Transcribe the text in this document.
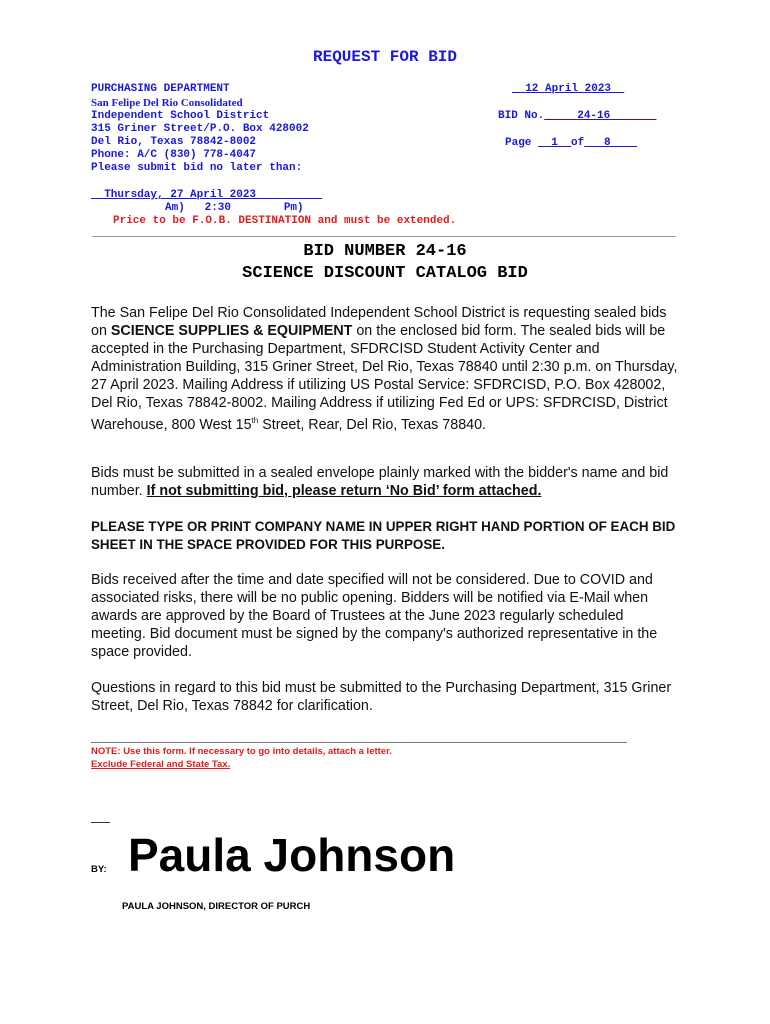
REQUEST FOR BID
PURCHASING DEPARTMENT
San Felipe Del Rio Consolidated
Independent School District
315 Griner Street/P.O. Box 428002
Del Rio, Texas 78842-8002
Phone: A/C (830) 778-4047
Please submit bid no later than:
Thursday, 27 April 2023
Am)   2:30        Pm)
Price to be F.O.B. DESTINATION and must be extended.
12 April 2023
BID No.	24-16
Page 1 of 8
BID NUMBER 24-16
SCIENCE DISCOUNT CATALOG BID
The San Felipe Del Rio Consolidated Independent School District is requesting sealed bids on SCIENCE SUPPLIES & EQUIPMENT on the enclosed bid form. The sealed bids will be accepted in the Purchasing Department, SFDRCISD Student Activity Center and Administration Building, 315 Griner Street, Del Rio, Texas 78840 until 2:30 p.m. on Thursday, 27 April 2023. Mailing Address if utilizing US Postal Service: SFDRCISD, P.O. Box 428002, Del Rio, Texas 78842-8002. Mailing Address if utilizing Fed Ed or UPS: SFDRCISD, District Warehouse, 800 West 15th Street, Rear, Del Rio, Texas 78840.
Bids must be submitted in a sealed envelope plainly marked with the bidder's name and bid number. If not submitting bid, please return ‘No Bid’ form attached.
PLEASE TYPE OR PRINT COMPANY NAME IN UPPER RIGHT HAND PORTION OF EACH BID SHEET IN THE SPACE PROVIDED FOR THIS PURPOSE.
Bids received after the time and date specified will not be considered. Due to COVID and associated risks, there will be no public opening. Bidders will be notified via E-Mail when awards are approved by the Board of Trustees at the June 2023 regularly scheduled meeting. Bid document must be signed by the company's authorized representative in the space provided.
Questions in regard to this bid must be submitted to the Purchasing Department, 315 Griner Street, Del Rio, Texas 78842 for clarification.
NOTE: Use this form. If necessary to go into details, attach a letter.
Exclude Federal and State Tax.
BY: Paula Johnson
PAULA JOHNSON, DIRECTOR OF PURCH
